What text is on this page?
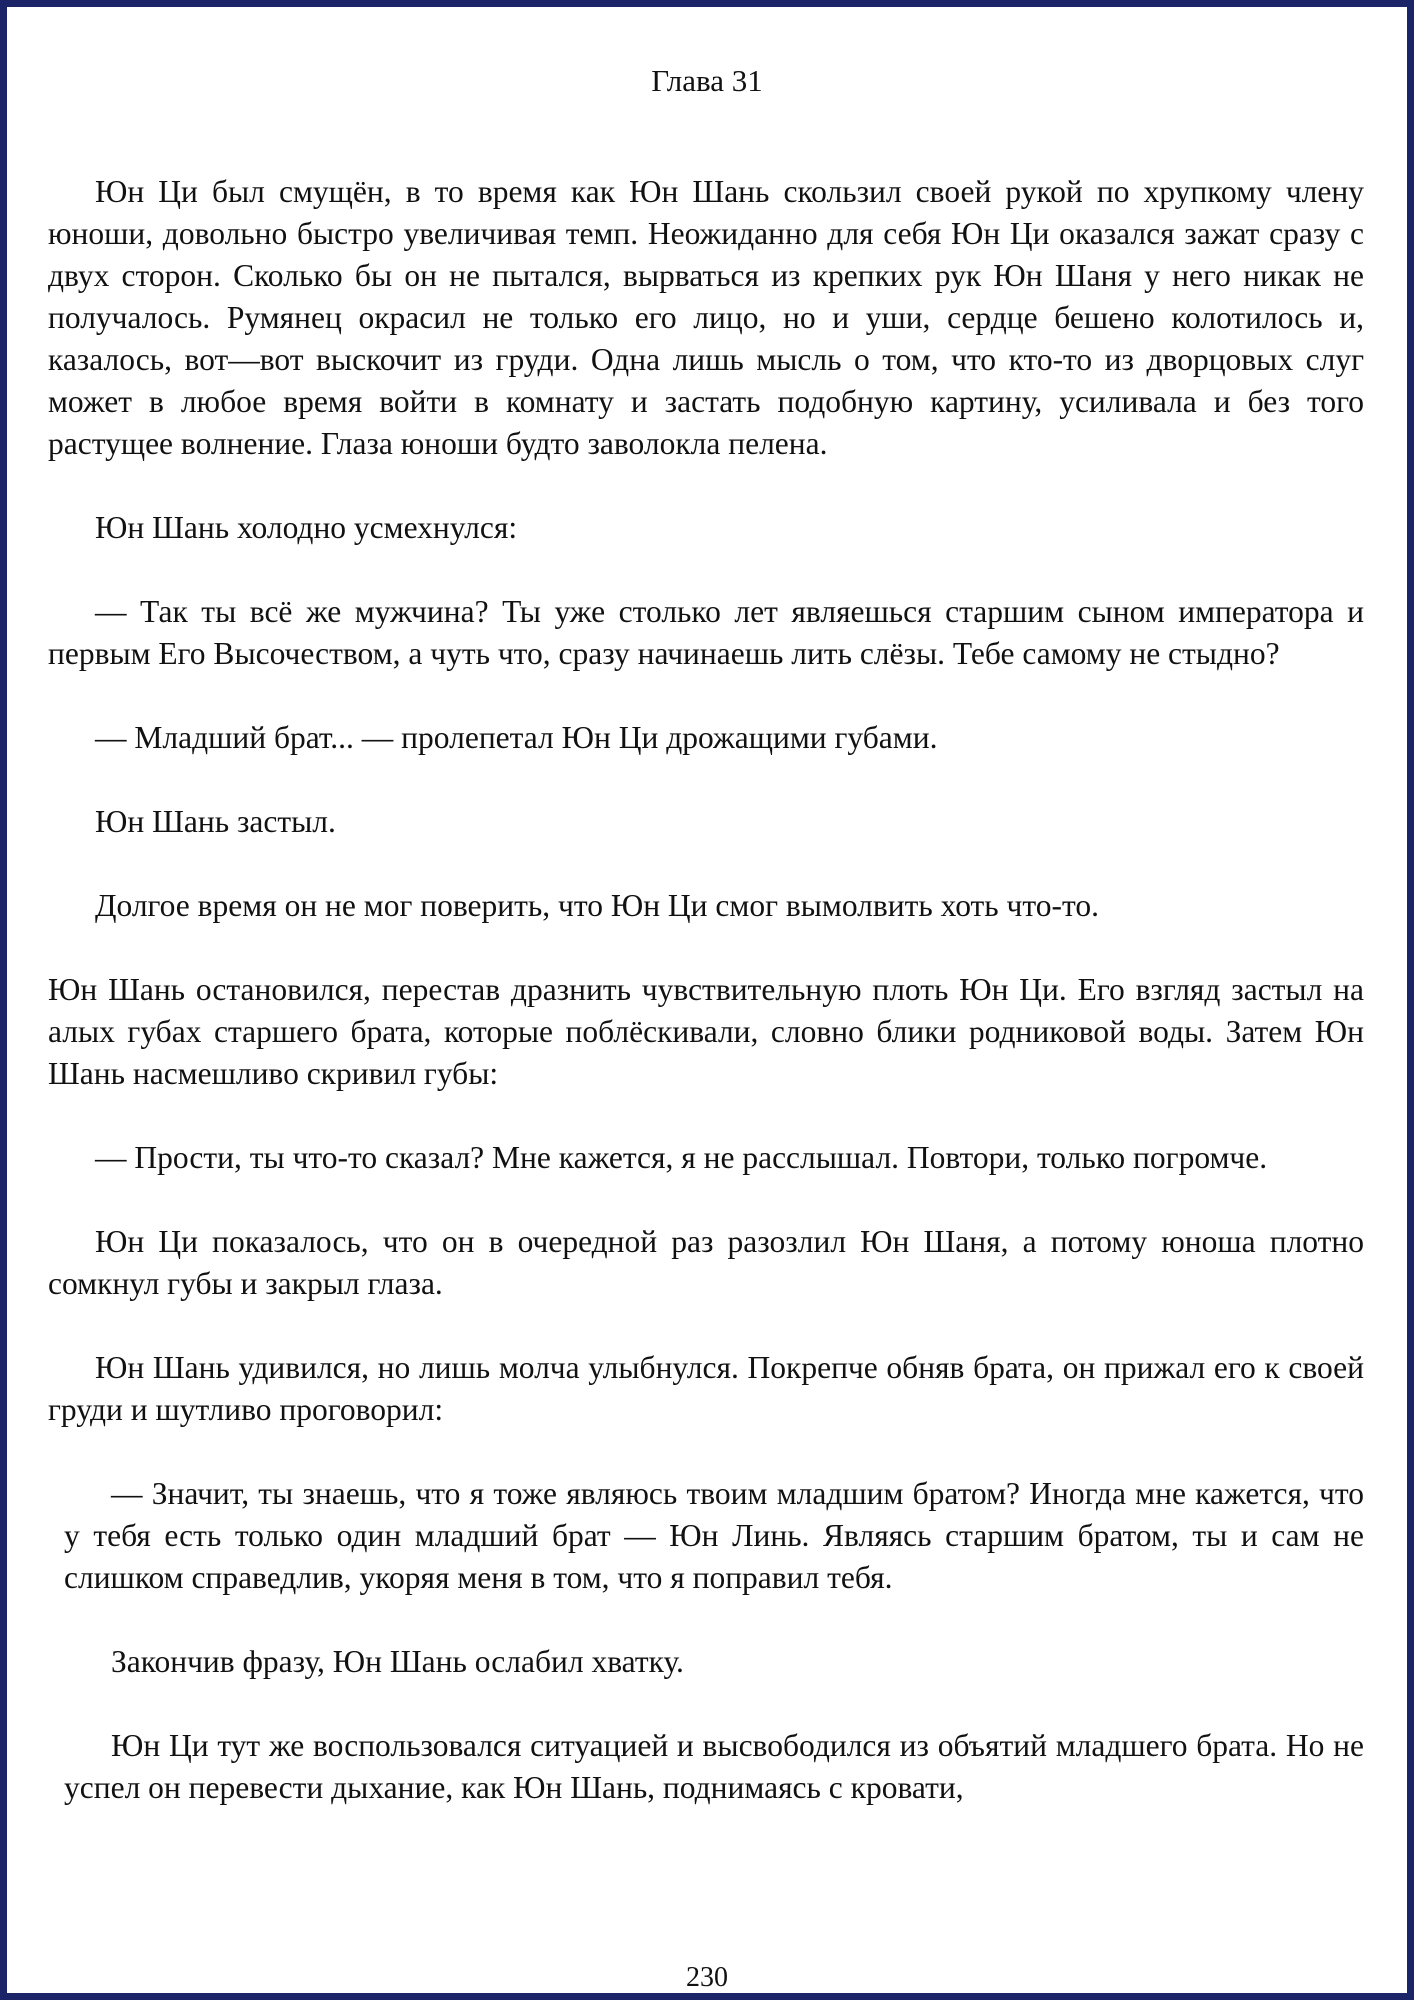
Глава 31

Юн Ци был смущён, в то время как Юн Шань скользил своей рукой по хрупкому члену юноши, довольно быстро увеличивая темп. Неожиданно для себя Юн Ци оказался зажат сразу с двух сторон. Сколько бы он не пытался, вырваться из крепких рук Юн Шаня у него никак не получалось. Румянец окрасил не только его лицо, но и уши, сердце бешено колотилось и, казалось, вот—вот выскочит из груди. Одна лишь мысль о том, что кто-то из дворцовых слуг может в любое время войти в комнату и застать подобную картину, усиливала и без того растущее волнение. Глаза юноши будто заволокла пелена.

Юн Шань холодно усмехнулся:

— Так ты всё же мужчина? Ты уже столько лет являешься старшим сыном императора и первым Его Высочеством, а чуть что, сразу начинаешь лить слёзы. Тебе самому не стыдно?

— Младший брат... — пролепетал Юн Ци дрожащими губами.

Юн Шань застыл.

Долгое время он не мог поверить, что Юн Ци смог вымолвить хоть что-то.

Юн Шань остановился, перестав дразнить чувствительную плоть Юн Ци. Его взгляд застыл на алых губах старшего брата, которые поблёскивали, словно блики родниковой воды. Затем Юн Шань насмешливо скривил губы:

— Прости, ты что-то сказал? Мне кажется, я не расслышал. Повтори, только погромче.

Юн Ци показалось, что он в очередной раз разозлил Юн Шаня, а потому юноша плотно сомкнул губы и закрыл глаза.

Юн Шань удивился, но лишь молча улыбнулся. Покрепче обняв брата, он прижал его к своей груди и шутливо проговорил:

— Значит, ты знаешь, что я тоже являюсь твоим младшим братом? Иногда мне кажется, что у тебя есть только один младший брат — Юн Линь. Являясь старшим братом, ты и сам не слишком справедлив, укоряя меня в том, что я поправил тебя.

Закончив фразу, Юн Шань ослабил хватку.

Юн Ци тут же воспользовался ситуацией и высвободился из объятий младшего брата. Но не успел он перевести дыхание, как Юн Шань, поднимаясь с кровати,

230
